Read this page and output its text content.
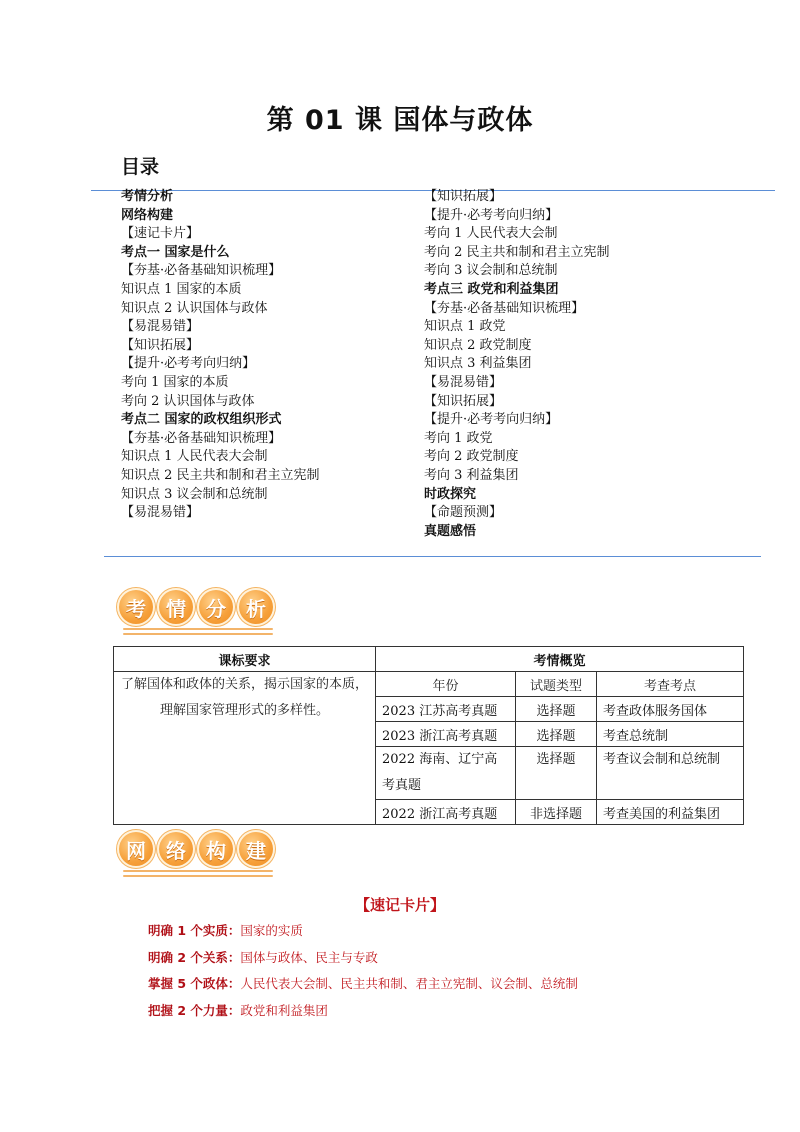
第 01 课 国体与政体
目录
考情分析
网络构建
【速记卡片】
考点一 国家是什么
【夯基·必备基础知识梳理】
知识点 1 国家的本质
知识点 2 认识国体与政体
【易混易错】
【知识拓展】
【提升·必考考向归纳】
考向 1 国家的本质
考向 2 认识国体与政体
考点二 国家的政权组织形式
【夯基·必备基础知识梳理】
知识点 1 人民代表大会制
知识点 2 民主共和制和君主立宪制
知识点 3 议会制和总统制
【易混易错】
【知识拓展】
【提升·必考考向归纳】
考向 1 人民代表大会制
考向 2 民主共和制和君主立宪制
考向 3 议会制和总统制
考点三 政党和利益集团
【夯基·必备基础知识梳理】
知识点 1 政党
知识点 2 政党制度
知识点 3 利益集团
【易混易错】
【知识拓展】
【提升·必考考向归纳】
考向 1 政党
考向 2 政党制度
考向 3 利益集团
时政探究
【命题预测】
真题感悟
考	情	分	析
课标要求	考情概览		
了解国体和政体的关系，揭示国家的本质，理解国家管理形式的多样性。	年份	试题类型	考查考点
	2023 江苏高考真题	选择题	考查政体服务国体
	2023 浙江高考真题	选择题	考查总统制
	2022 海南、辽宁高考真题	选择题	考查议会制和总统制
	2022 浙江高考真题	非选择题	考查美国的利益集团
网	络	构	建
【速记卡片】
明确 1 个实质：国家的实质
明确 2 个关系：国体与政体、民主与专政
掌握 5 个政体：人民代表大会制、民主共和制、君主立宪制、议会制、总统制
把握 2 个力量：政党和利益集团
